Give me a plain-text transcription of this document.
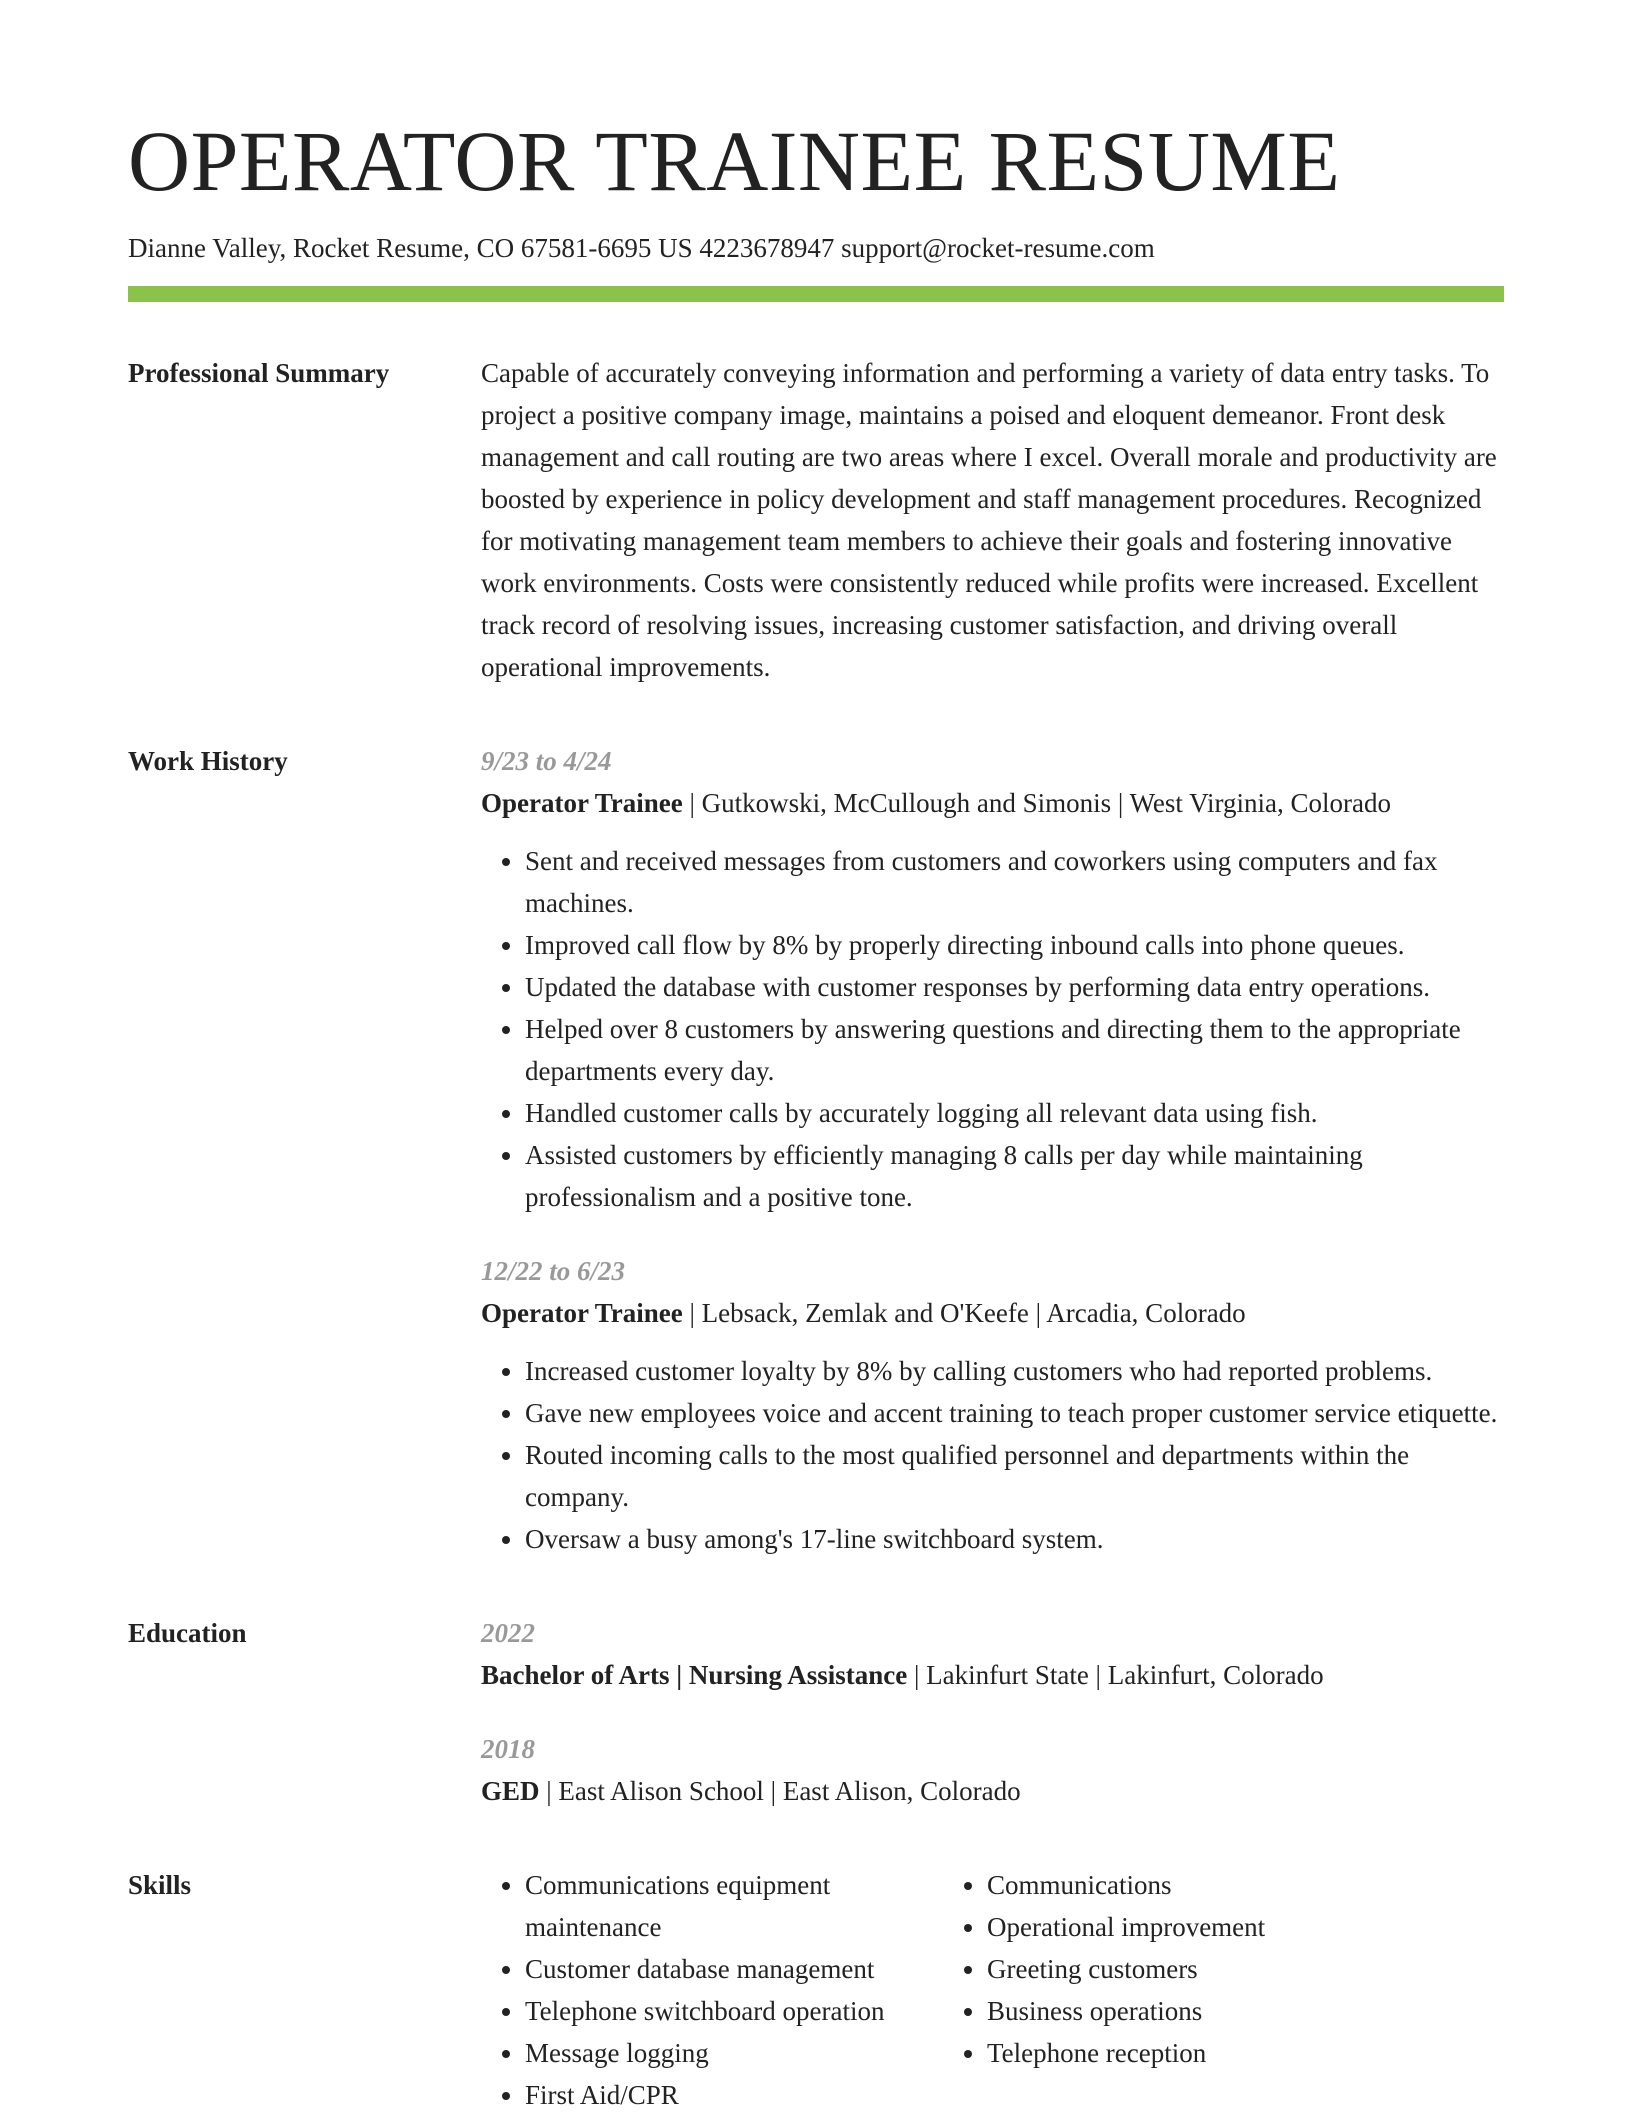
OPERATOR TRAINEE RESUME
Dianne Valley, Rocket Resume, CO 67581-6695 US 4223678947 support@rocket-resume.com
Professional Summary	Capable of accurately conveying information and performing a variety of data entry tasks. To project a positive company image, maintains a poised and eloquent demeanor. Front desk management and call routing are two areas where I excel. Overall morale and productivity are boosted by experience in policy development and staff management procedures. Recognized for motivating management team members to achieve their goals and fostering innovative work environments. Costs were consistently reduced while profits were increased. Excellent track record of resolving issues, increasing customer satisfaction, and driving overall operational improvements.

Work History	9/23 to 4/24
Operator Trainee | Gutkowski, McCullough and Simonis | West Virginia, Colorado
• Sent and received messages from customers and coworkers using computers and fax machines.
• Improved call flow by 8% by properly directing inbound calls into phone queues.
• Updated the database with customer responses by performing data entry operations.
• Helped over 8 customers by answering questions and directing them to the appropriate departments every day.
• Handled customer calls by accurately logging all relevant data using fish.
• Assisted customers by efficiently managing 8 calls per day while maintaining professionalism and a positive tone.
12/22 to 6/23
Operator Trainee | Lebsack, Zemlak and O'Keefe | Arcadia, Colorado
• Increased customer loyalty by 8% by calling customers who had reported problems.
• Gave new employees voice and accent training to teach proper customer service etiquette.
• Routed incoming calls to the most qualified personnel and departments within the company.
• Oversaw a busy among's 17-line switchboard system.
Education	2022
Bachelor of Arts | Nursing Assistance | Lakinfurt State | Lakinfurt, Colorado
2018
GED | East Alison School | East Alison, Colorado
Skills
•	Communications equipment maintenance
• Customer database management
• Telephone switchboard operation
• Message logging
• First Aid/CPR
• Communications
• Operational improvement
• Greeting customers
• Business operations
• Telephone reception
